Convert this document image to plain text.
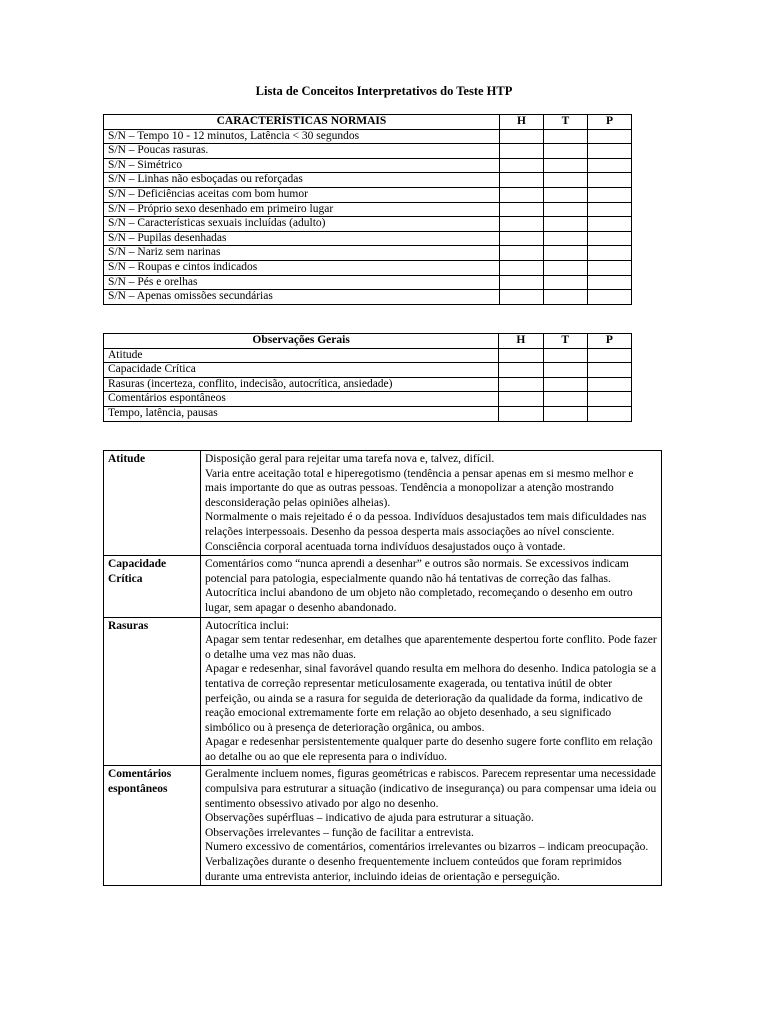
Lista de Conceitos Interpretativos do Teste HTP
CARACTERÍSTICAS NORMAIS	H	T	P
S/N – Tempo 10 - 12 minutos, Latência < 30 segundos			
S/N – Poucas rasuras.			
S/N – Simétrico			
S/N – Linhas não esboçadas ou reforçadas			
S/N – Deficiências aceitas com bom humor			
S/N – Próprio sexo desenhado em primeiro lugar			
S/N – Características sexuais incluídas (adulto)			
S/N – Pupilas desenhadas			
S/N – Nariz sem narinas			
S/N – Roupas e cintos indicados			
S/N – Pés e orelhas			
S/N – Apenas omissões secundárias			
Observações Gerais	H	T	P
Atitude			
Capacidade Crítica			
Rasuras (incerteza, conflito, indecisão, autocrítica, ansiedade)			
Comentários espontâneos			
Tempo, latência, pausas			
Atitude	Disposição geral para rejeitar uma tarefa nova e, talvez, difícil.

Varia entre aceitação total e hiperegotismo (tendência a pensar apenas em si mesmo melhor e mais importante do que as outras pessoas. Tendência a monopolizar a atenção mostrando desconsideração pelas opiniões alheias).

Normalmente o mais rejeitado é o da pessoa. Indivíduos desajustados tem mais dificuldades nas relações interpessoais. Desenho da pessoa desperta mais associações ao nível consciente. Consciência corporal acentuada torna indivíduos desajustados ouço à vontade.

Capacidade Crítica	Comentários como “nunca aprendi a desenhar” e outros são normais. Se excessivos indicam potencial para patologia, especialmente quando não há tentativas de correção das falhas.

Autocrítica inclui abandono de um objeto não completado, recomeçando o desenho em outro lugar, sem apagar o desenho abandonado.

Rasuras	Autocrítica inclui:

Apagar sem tentar redesenhar, em detalhes que aparentemente despertou forte conflito. Pode fazer o detalhe uma vez mas não duas.

Apagar e redesenhar, sinal favorável quando resulta em melhora do desenho. Indica patologia se a tentativa de correção representar meticulosamente exagerada, ou tentativa inútil de obter perfeição, ou ainda se a rasura for seguida de deterioração da qualidade da forma, indicativo de reação emocional extremamente forte em relação ao objeto desenhado, a seu significado simbólico ou à presença de deterioração orgânica, ou ambos.

Apagar e redesenhar persistentemente qualquer parte do desenho sugere forte conflito em relação ao detalhe ou ao que ele representa para o indivíduo.

Comentários espontâneos	Geralmente incluem nomes, figuras geométricas e rabiscos. Parecem representar uma necessidade compulsiva para estruturar a situação (indicativo de insegurança) ou para compensar uma ideia ou sentimento obsessivo ativado por algo no desenho.

Observações supérfluas – indicativo de ajuda para estruturar a situação.

Observações irrelevantes – função de facilitar a entrevista.

Numero excessivo de comentários, comentários irrelevantes ou bizarros – indicam preocupação.

Verbalizações durante o desenho frequentemente incluem conteúdos que foram reprimidos durante uma entrevista anterior, incluindo ideias de orientação e perseguição.
